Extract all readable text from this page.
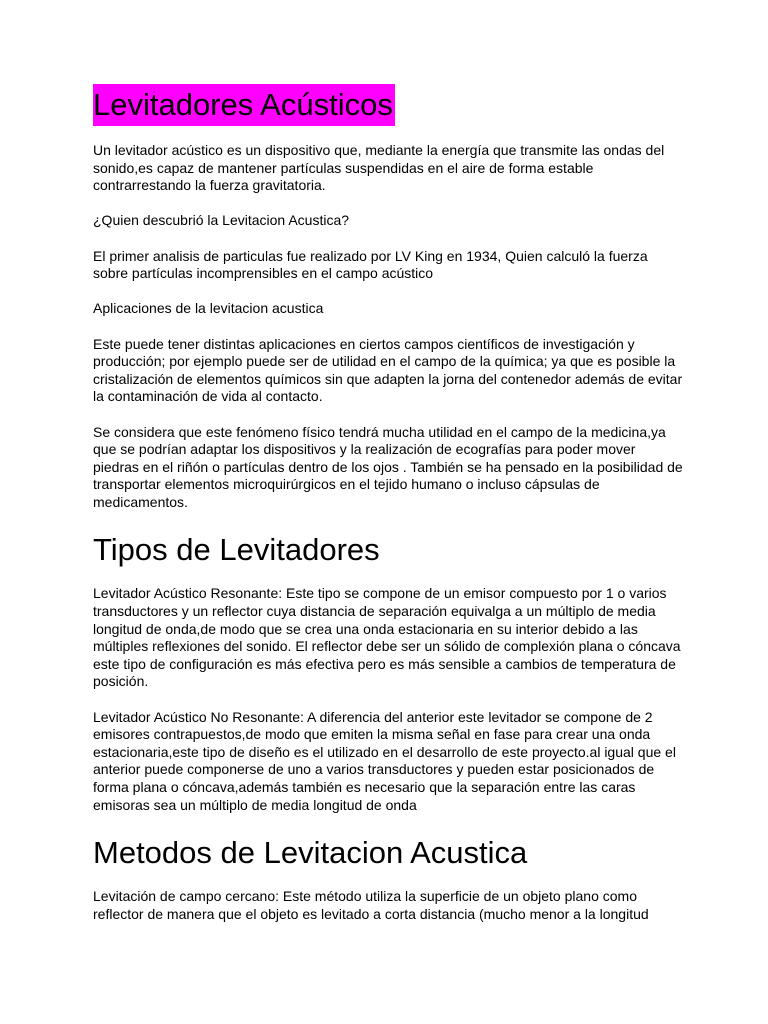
Levitadores Acústicos

Un levitador acústico es un dispositivo que, mediante la energía que transmite las ondas del sonido,es capaz de mantener partículas suspendidas en el aire de forma estable contrarrestando la fuerza gravitatoria.

¿Quien descubrió la Levitacion Acustica?

El primer analisis de particulas fue realizado por LV King en 1934, Quien calculó la fuerza sobre partículas incomprensibles en el campo acústico

Aplicaciones de la levitacion acustica

Este puede tener distintas aplicaciones en ciertos campos científicos de investigación y producción; por ejemplo puede ser de utilidad en el campo de la química; ya que es posible la cristalización de elementos químicos sin que adapten la jorna del contenedor además de evitar la contaminación de vida al contacto.

Se considera que este fenómeno físico tendrá mucha utilidad en el campo de la medicina,ya que se podrían adaptar los dispositivos y la realización de ecografías para poder mover piedras en el riñón o partículas dentro de los ojos . También se ha pensado en la posibilidad de transportar elementos microquirúrgicos en el tejido humano o incluso cápsulas de medicamentos.

Tipos de Levitadores

Levitador Acústico Resonante: Este tipo se compone de un emisor compuesto por 1 o varios transductores y un reflector cuya distancia de separación equivalga a un múltiplo de media longitud de onda,de modo que se crea una onda estacionaria en su interior debido a las múltiples reflexiones del sonido. El reflector debe ser un sólido de complexión plana o cóncava este tipo de configuración es más efectiva pero es más sensible a cambios de temperatura de posición.

Levitador Acústico No Resonante: A diferencia del anterior este levitador se compone de 2 emisores contrapuestos,de modo que emiten la misma señal en fase para crear una onda estacionaria,este tipo de diseño es el utilizado en el desarrollo de este proyecto.al igual que el anterior puede componerse de uno a varios transductores y pueden estar posicionados de forma plana o cóncava,además también es necesario que la separación entre las caras emisoras sea un múltiplo de media longitud de onda

Metodos de Levitacion Acustica

Levitación de campo cercano: Este método utiliza la superficie de un objeto plano como reflector de manera que el objeto es levitado a corta distancia (mucho menor a la longitud
